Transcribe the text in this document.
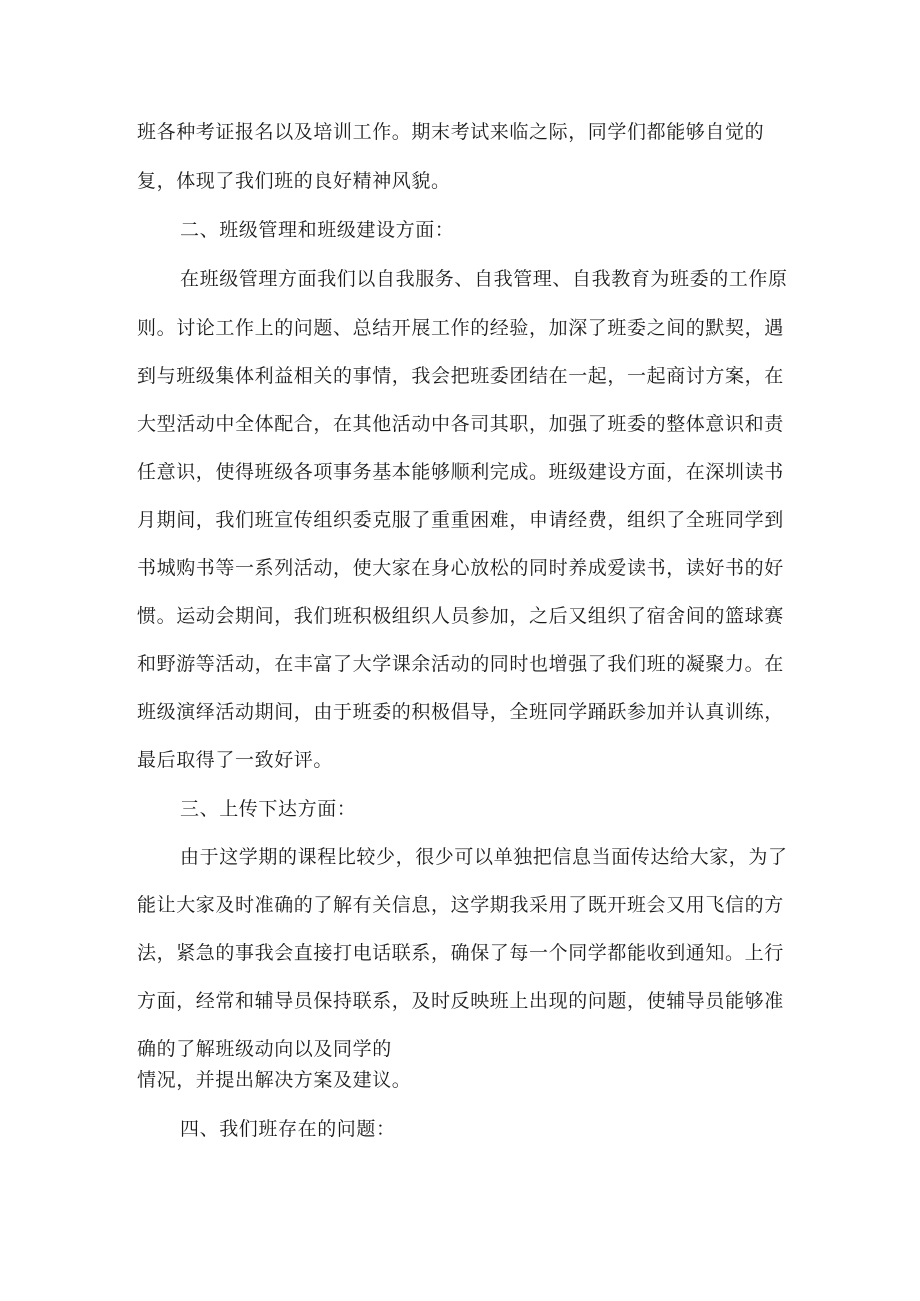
班各种考证报名以及培训工作。期末考试来临之际，同学们都能够自觉的
复，体现了我们班的良好精神风貌。
二、班级管理和班级建设方面：
在班级管理方面我们以自我服务、自我管理、自我教育为班委的工作原
则。讨论工作上的问题、总结开展工作的经验，加深了班委之间的默契，遇
到与班级集体利益相关的事情，我会把班委团结在一起，一起商讨方案，在
大型活动中全体配合，在其他活动中各司其职，加强了班委的整体意识和责
任意识，使得班级各项事务基本能够顺利完成。班级建设方面，在深圳读书
月期间，我们班宣传组织委克服了重重困难，申请经费，组织了全班同学到
书城购书等一系列活动，使大家在身心放松的同时养成爱读书，读好书的好
惯。运动会期间，我们班积极组织人员参加，之后又组织了宿舍间的篮球赛
和野游等活动，在丰富了大学课余活动的同时也增强了我们班的凝聚力。在
班级演绎活动期间，由于班委的积极倡导，全班同学踊跃参加并认真训练，
最后取得了一致好评。
三、上传下达方面：
由于这学期的课程比较少，很少可以单独把信息当面传达给大家，为了
能让大家及时准确的了解有关信息，这学期我采用了既开班会又用飞信的方
法，紧急的事我会直接打电话联系，确保了每一个同学都能收到通知。上行
方面，经常和辅导员保持联系，及时反映班上出现的问题，使辅导员能够准
确的了解班级动向以及同学的
情况，并提出解决方案及建议。
四、我们班存在的问题：
